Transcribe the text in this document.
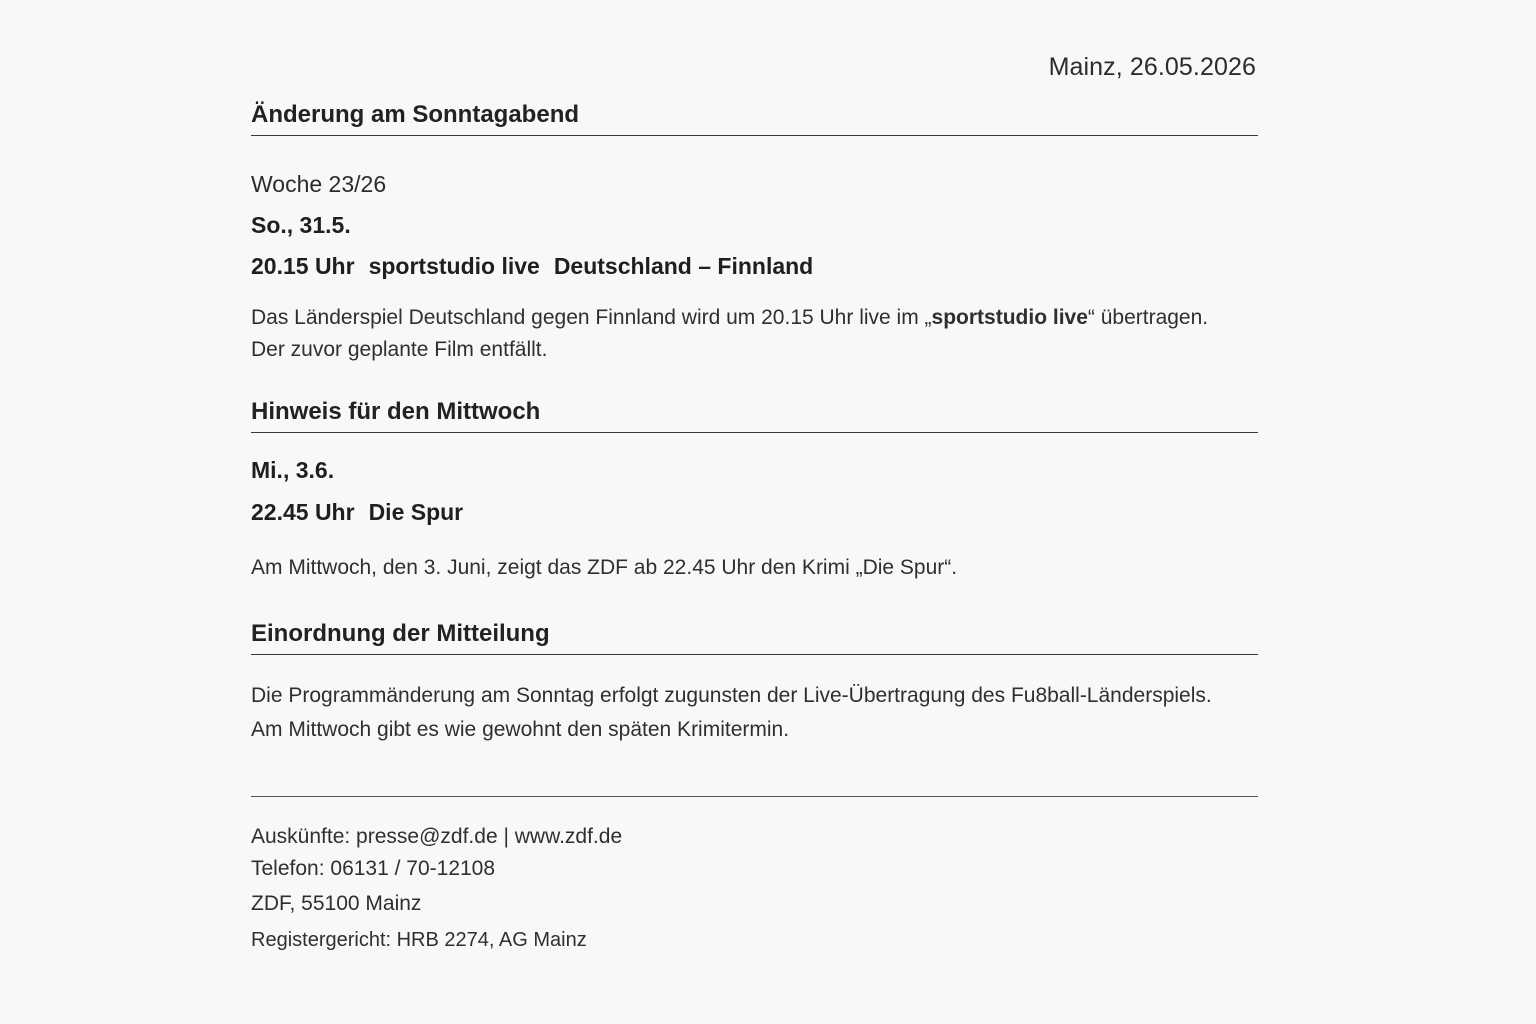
Mainz, 26.05.2026
Änderung am Sonntagabend
Woche 23/26
So., 31.5.
20.15 Uhr sportstudio live Deutschland – Finnland
Das Länderspiel Deutschland gegen Finnland wird um 20.15 Uhr live im „sportstudio live“ übertragen.
Der zuvor geplante Film entfällt.
Hinweis für den Mittwoch
Mi., 3.6.
22.45 Uhr Die Spur
Am Mittwoch, den 3. Juni, zeigt das ZDF ab 22.45 Uhr den Krimi „Die Spur“.
Einordnung der Mitteilung
Die Programmänderung am Sonntag erfolgt zugunsten der Live-Übertragung des Fu8ball-Länderspiels.
Am Mittwoch gibt es wie gewohnt den späten Krimitermin.
Auskünfte: presse@zdf.de | www.zdf.de
Telefon: 06131 / 70-12108
ZDF, 55100 Mainz
Registergericht: HRB 2274, AG Mainz
